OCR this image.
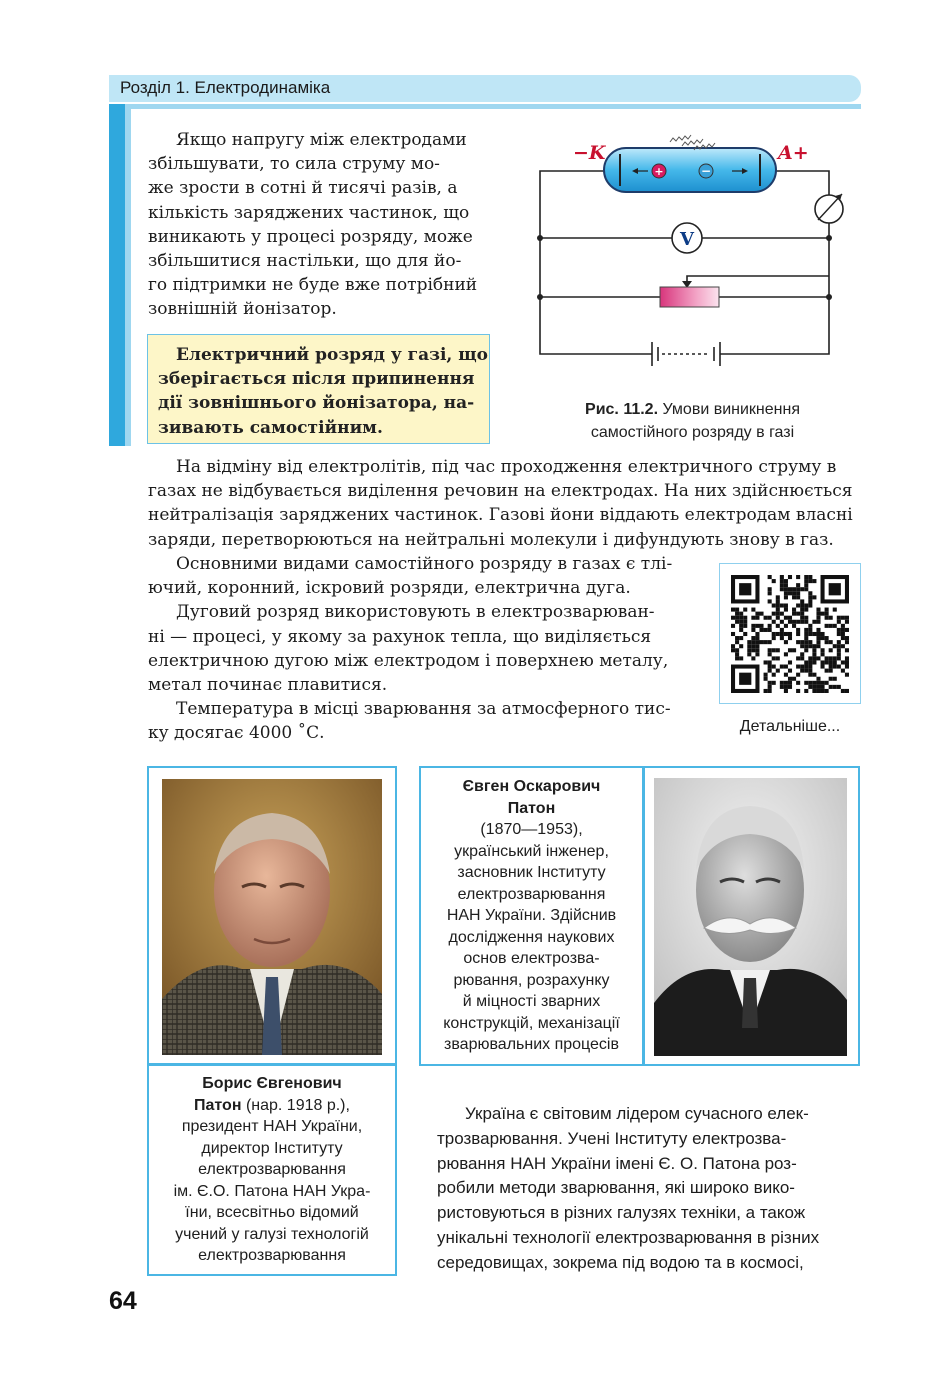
Розділ 1. Електродинаміка
Якщо напругу між електродами
збільшувати, то сила струму мо-
же зрости в сотні й тисячі разів, а
кількість заряджених частинок, що
виникають у процесі розряду, може
збільшитися настільки, що для йо-
го підтримки не буде вже потрібний
зовнішній йонізатор.
Електричний розряд у газі, що
зберігається після припинення
дії зовнішнього йонізатора, на-
зивають самостійним.
+	−
−K	A+
V
Рис. 11.2. Умови виникнення
самостійного розряду в газі
На відміну від електролітів, під час проходження електричного струму в
газах не відбувається виділення речовин на електродах. На них здійснюється
нейтралізація заряджених частинок. Газові йони віддають електродам власні
заряди, перетворюються на нейтральні молекули і дифундують знову в газ.
Основними видами самостійного розряду в газах є тлі-
ючий, коронний, іскровий розряди, електрична дуга.
Дуговий розряд використовують в електрозварюван-
ні — процесі, у якому за рахунок тепла, що виділяється
електричною дугою між електродом і поверхнею металу,
метал починає плавитися.
Температура в місці зварювання за атмосферного тис-
ку досягає 4000 ˚С.	Детальніше...
Борис Євгенович
Патон (нар. 1918 р.),
президент НАН України,
директор Інституту
електрозварювання
ім. Є.О. Патона НАН Укра-
їни, всесвітньо відомий
учений у галузі технологій
електрозварювання
Євген Оскарович
Патон
(1870—1953),
український інженер,
засновник Інституту
електрозварювання
НАН України. Здійснив
дослідження наукових
основ електрозва-
рювання, розрахунку
й міцності зварних
конструкцій, механізації
зварювальних процесів
Україна є світовим лідером сучасного елек-
трозварювання. Учені Інституту електрозва-
рювання НАН України імені Є. О. Патона роз-
робили методи зварювання, які широко вико-
ристовуються в різних галузях техніки, а також
унікальні технології електрозварювання в різних
середовищах, зокрема під водою та в космосі,
64
